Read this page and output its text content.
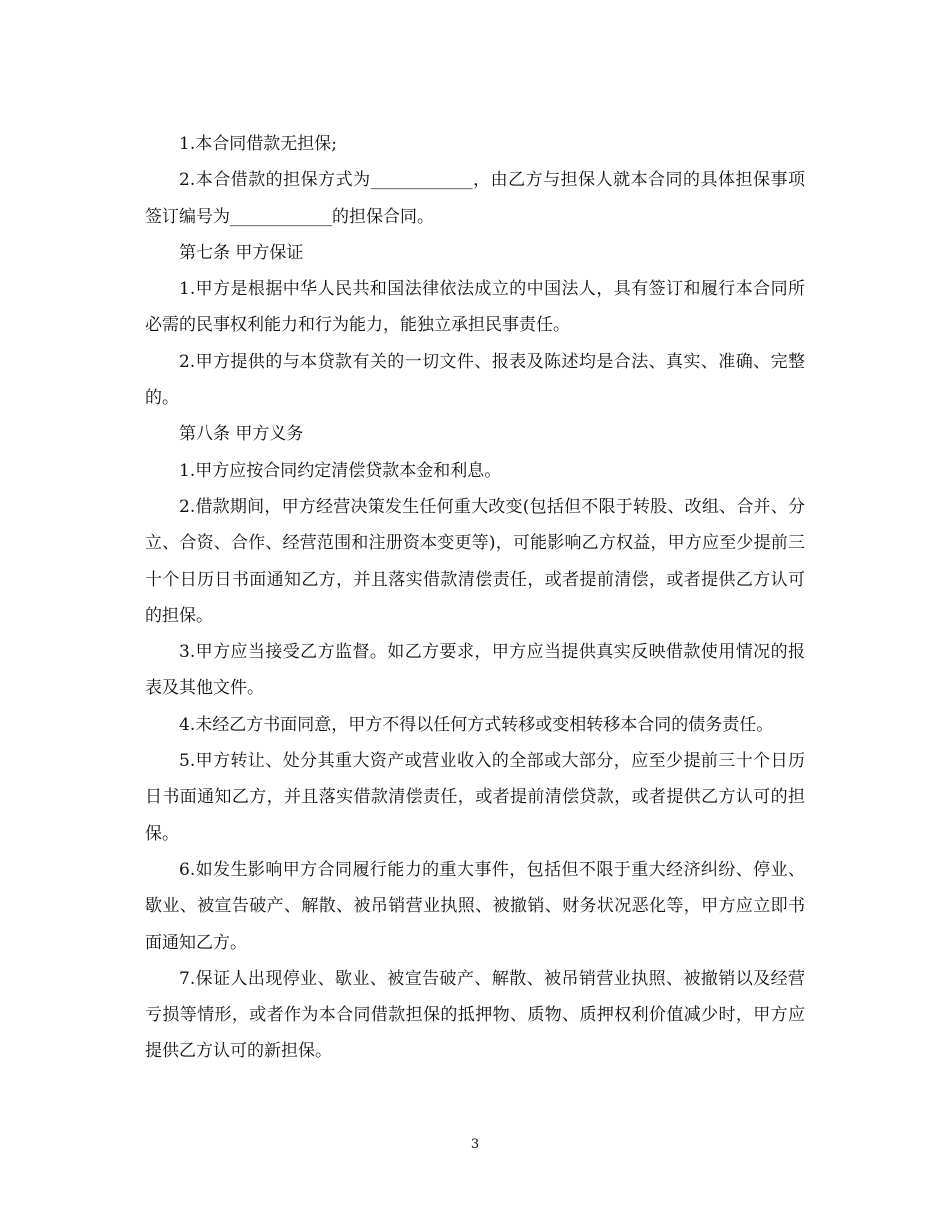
1.本合同借款无担保;

2.本合借款的担保方式为____________，由乙方与担保人就本合同的具体担保事项签订编号为____________的担保合同。

第七条 甲方保证

1.甲方是根据中华人民共和国法律依法成立的中国法人，具有签订和履行本合同所必需的民事权利能力和行为能力，能独立承担民事责任。

2.甲方提供的与本贷款有关的一切文件、报表及陈述均是合法、真实、准确、完整的。

第八条 甲方义务

1.甲方应按合同约定清偿贷款本金和利息。

2.借款期间，甲方经营决策发生任何重大改变(包括但不限于转股、改组、合并、分立、合资、合作、经营范围和注册资本变更等)，可能影响乙方权益，甲方应至少提前三十个日历日书面通知乙方，并且落实借款清偿责任，或者提前清偿，或者提供乙方认可的担保。

3.甲方应当接受乙方监督。如乙方要求，甲方应当提供真实反映借款使用情况的报表及其他文件。

4.未经乙方书面同意，甲方不得以任何方式转移或变相转移本合同的债务责任。

5.甲方转让、处分其重大资产或营业收入的全部或大部分，应至少提前三十个日历日书面通知乙方，并且落实借款清偿责任，或者提前清偿贷款，或者提供乙方认可的担保。

6.如发生影响甲方合同履行能力的重大事件，包括但不限于重大经济纠纷、停业、歇业、被宣告破产、解散、被吊销营业执照、被撤销、财务状况恶化等，甲方应立即书面通知乙方。

7.保证人出现停业、歇业、被宣告破产、解散、被吊销营业执照、被撤销以及经营亏损等情形，或者作为本合同借款担保的抵押物、质物、质押权利价值减少时，甲方应提供乙方认可的新担保。

3
